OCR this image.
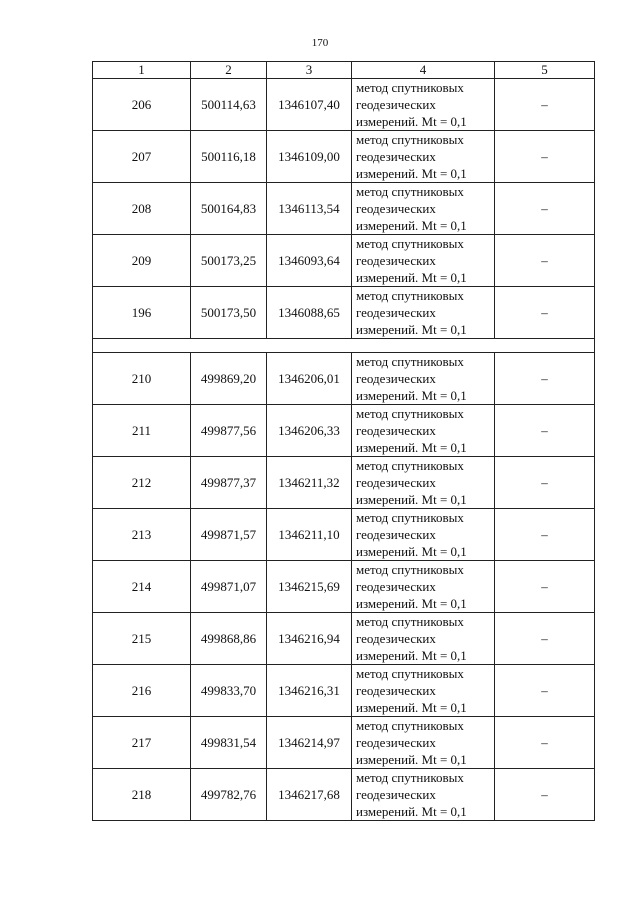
170
1	2	3	4	5
206	500114,63	1346107,40	метод спутниковых
геодезических
измерений. Mt = 0,1	–
207	500116,18	1346109,00	метод спутниковых
геодезических
измерений. Mt = 0,1	–
208	500164,83	1346113,54	метод спутниковых
геодезических
измерений. Mt = 0,1	–
209	500173,25	1346093,64	метод спутниковых
геодезических
измерений. Mt = 0,1	–
196	500173,50	1346088,65	метод спутниковых
геодезических
измерений. Mt = 0,1	–

210	499869,20	1346206,01	метод спутниковых
геодезических
измерений. Mt = 0,1	–
211	499877,56	1346206,33	метод спутниковых
геодезических
измерений. Mt = 0,1	–
212	499877,37	1346211,32	метод спутниковых
геодезических
измерений. Mt = 0,1	–
213	499871,57	1346211,10	метод спутниковых
геодезических
измерений. Mt = 0,1	–
214	499871,07	1346215,69	метод спутниковых
геодезических
измерений. Mt = 0,1	–
215	499868,86	1346216,94	метод спутниковых
геодезических
измерений. Mt = 0,1	–
216	499833,70	1346216,31	метод спутниковых
геодезических
измерений. Mt = 0,1	–
217	499831,54	1346214,97	метод спутниковых
геодезических
измерений. Mt = 0,1	–
218	499782,76	1346217,68	метод спутниковых
геодезических
измерений. Mt = 0,1	–
